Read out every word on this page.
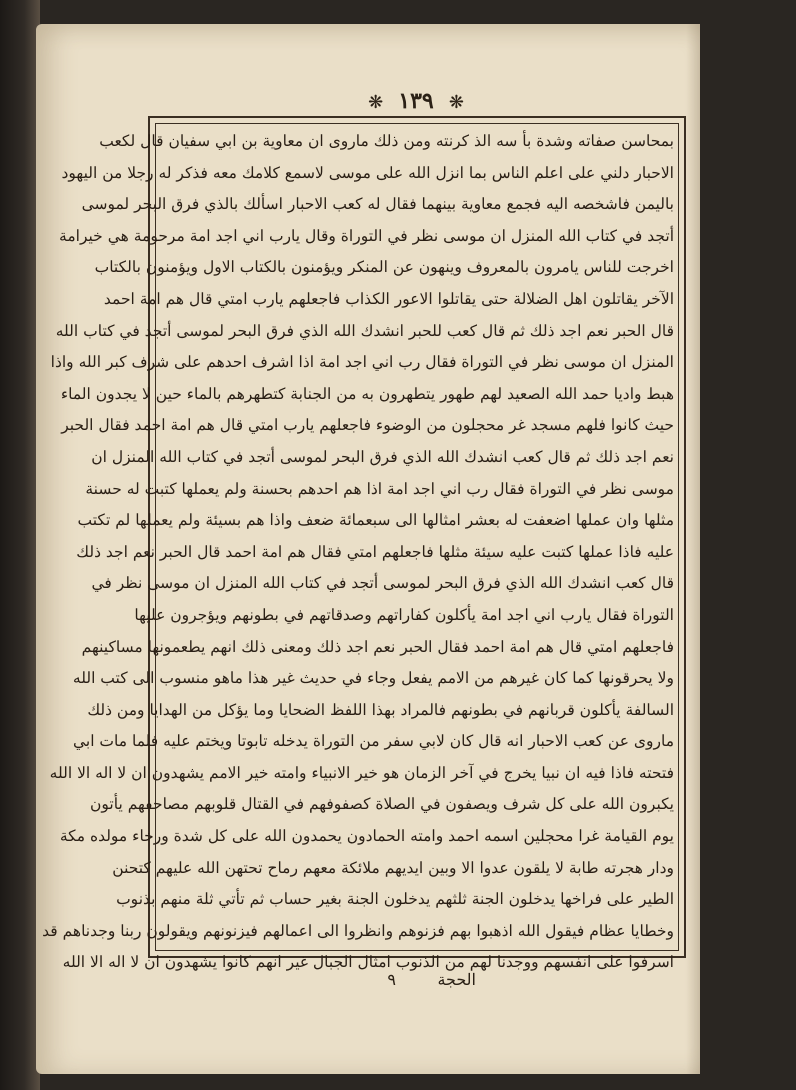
❋ ١٣٩ ❋
بمحاسن صفاته وشدة بأ سه الذ كرنته ومن ذلك ماروى ان معاوية بن ابي سفيان قال لكعب
الاحبار دلني على اعلم الناس بما انزل الله على موسى لاسمع كلامك معه فذكر له رجلا من اليهود
باليمن فاشخصه اليه فجمع معاوية بينهما فقال له كعب الاحبار اسألك بالذي فرق البحر لموسى
أتجد في كتاب الله المنزل ان موسى نظر في التوراة وقال يارب اني اجد امة مرحومة هي خيرامة
اخرجت للناس يامرون بالمعروف وينهون عن المنكر ويؤمنون بالكتاب الاول ويؤمنون بالكتاب
الآخر يقاتلون اهل الضلالة حتى يقاتلوا الاعور الكذاب فاجعلهم يارب امتي قال هم امة احمد
قال الحبر نعم اجد ذلك ثم قال كعب للحبر انشدك الله الذي فرق البحر لموسى أتجد في كتاب الله
المنزل ان موسى نظر في التوراة فقال رب اني اجد امة اذا اشرف احدهم على شرف كبر الله واذا
هبط واديا حمد الله الصعيد لهم طهور يتطهرون به من الجنابة كتطهرهم بالماء حين لا يجدون الماء
حيث كانوا فلهم مسجد غر محجلون من الوضوء فاجعلهم يارب امتي قال هم امة احمد فقال الحبر
نعم اجد ذلك ثم قال كعب انشدك الله الذي فرق البحر لموسى أتجد في كتاب الله المنزل ان
موسى نظر في التوراة فقال رب اني اجد امة اذا هم احدهم بحسنة ولم يعملها كتبت له حسنة
مثلها وان عملها اضعفت له بعشر امثالها الى سبعمائة ضعف واذا هم بسيئة ولم يعملها لم تكتب
عليه فاذا عملها كتبت عليه سيئة مثلها فاجعلهم امتي فقال هم امة احمد قال الحبر نعم اجد ذلك
قال كعب انشدك الله الذي فرق البحر لموسى أتجد في كتاب الله المنزل ان موسى نظر في
التوراة فقال يارب اني اجد امة يأكلون كفاراتهم وصدقاتهم في بطونهم ويؤجرون عليها
فاجعلهم امتي قال هم امة احمد فقال الحبر نعم اجد ذلك ومعنى ذلك انهم يطعمونها مساكينهم
ولا يحرقونها كما كان غيرهم من الامم يفعل وجاء في حديث غير هذا ماهو منسوب الى كتب الله
السالفة يأكلون قربانهم في بطونهم فالمراد بهذا اللفظ الضحايا وما يؤكل من الهدايا ومن ذلك
ماروى عن كعب الاحبار انه قال كان لابي سفر من التوراة يدخله تابوتا ويختم عليه فلما مات ابي
فتحته فاذا فيه ان نبيا يخرج في آخر الزمان هو خير الانبياء وامته خير الامم يشهدون ان لا اله الا الله
يكبرون الله على كل شرف ويصفون في الصلاة كصفوفهم في القتال قلوبهم مصاحفهم يأتون
يوم القيامة غرا محجلين اسمه احمد وامته الحمادون يحمدون الله على كل شدة ورخاء مولده مكة
ودار هجرته طابة لا يلقون عدوا الا وبين ايديهم ملائكة معهم رماح تحتهن الله عليهم كتحنن
الطير على فراخها يدخلون الجنة ثلثهم يدخلون الجنة بغير حساب ثم تأتي ثلة منهم بذنوب
وخطايا عظام فيقول الله اذهبوا بهم فزنوهم وانظروا الى اعمالهم فيزنونهم ويقولون ربنا وجدناهم قد
اسرفوا على انفسهم ووجدنا لهم من الذنوب امثال الجبال غير انهم كانوا يشهدون ان لا اله الا الله
الحجة
٩
